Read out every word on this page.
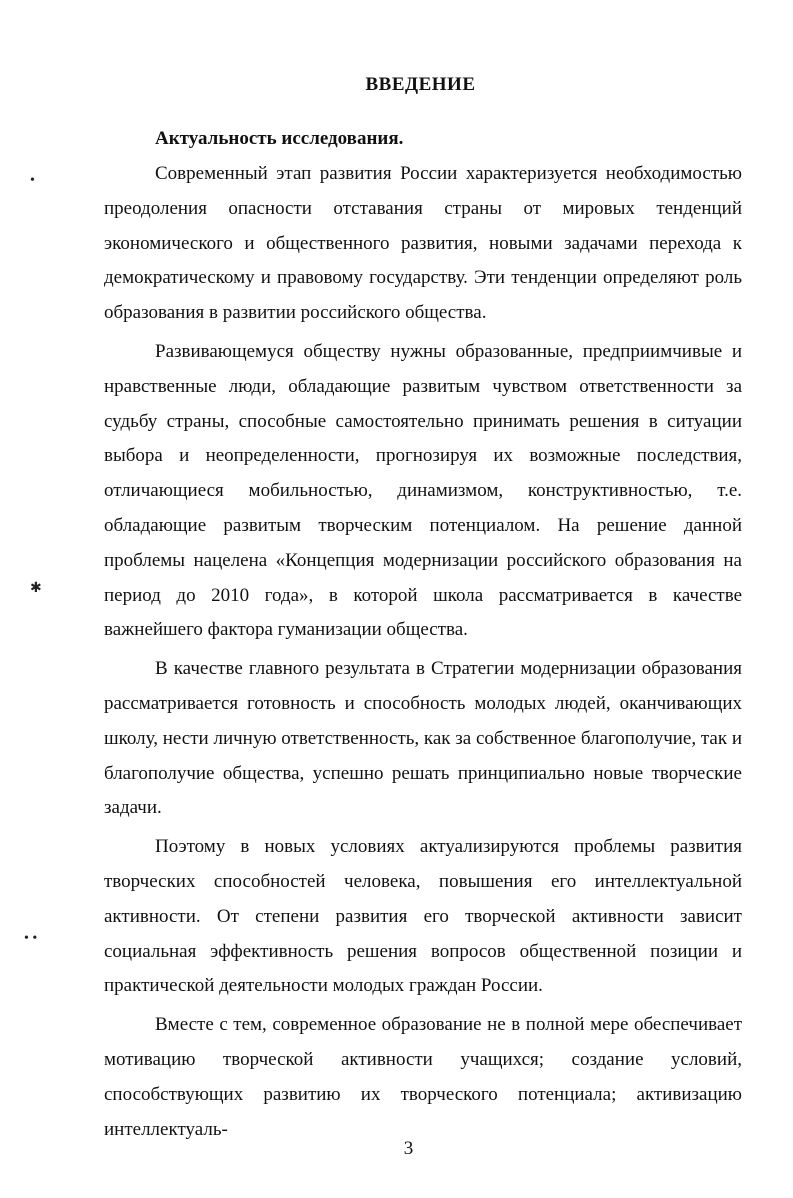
ВВЕДЕНИЕ
Актуальность исследования.

Современный этап развития России характеризуется необходимостью преодоления опасности отставания страны от мировых тенденций экономического и общественного развития, новыми задачами перехода к демократическому и правовому государству. Эти тенденции определяют роль образования в развитии российского общества.

Развивающемуся обществу нужны образованные, предприимчивые и нравственные люди, обладающие развитым чувством ответственности за судьбу страны, способные самостоятельно принимать решения в ситуации выбора и неопределенности, прогнозируя их возможные последствия, отличающиеся мобильностью, динамизмом, конструктивностью, т.е. обладающие развитым творческим потенциалом. На решение данной проблемы нацелена «Концепция модернизации российского образования на период до 2010 года», в которой школа рассматривается в качестве важнейшего фактора гуманизации общества.

В качестве главного результата в Стратегии модернизации образования рассматривается готовность и способность молодых людей, оканчивающих школу, нести личную ответственность, как за собственное благополучие, так и благополучие общества, успешно решать принципиально новые творческие задачи.

Поэтому в новых условиях актуализируются проблемы развития творческих способностей человека, повышения его интеллектуальной активности. От степени развития его творческой активности зависит социальная эффективность решения вопросов общественной позиции и практической деятельности молодых граждан России.

Вместе с тем, современное образование не в полной мере обеспечивает мотивацию творческой активности учащихся; создание условий, способствующих развитию их творческого потенциала; активизацию интеллектуаль-

•
✱
• •
3
